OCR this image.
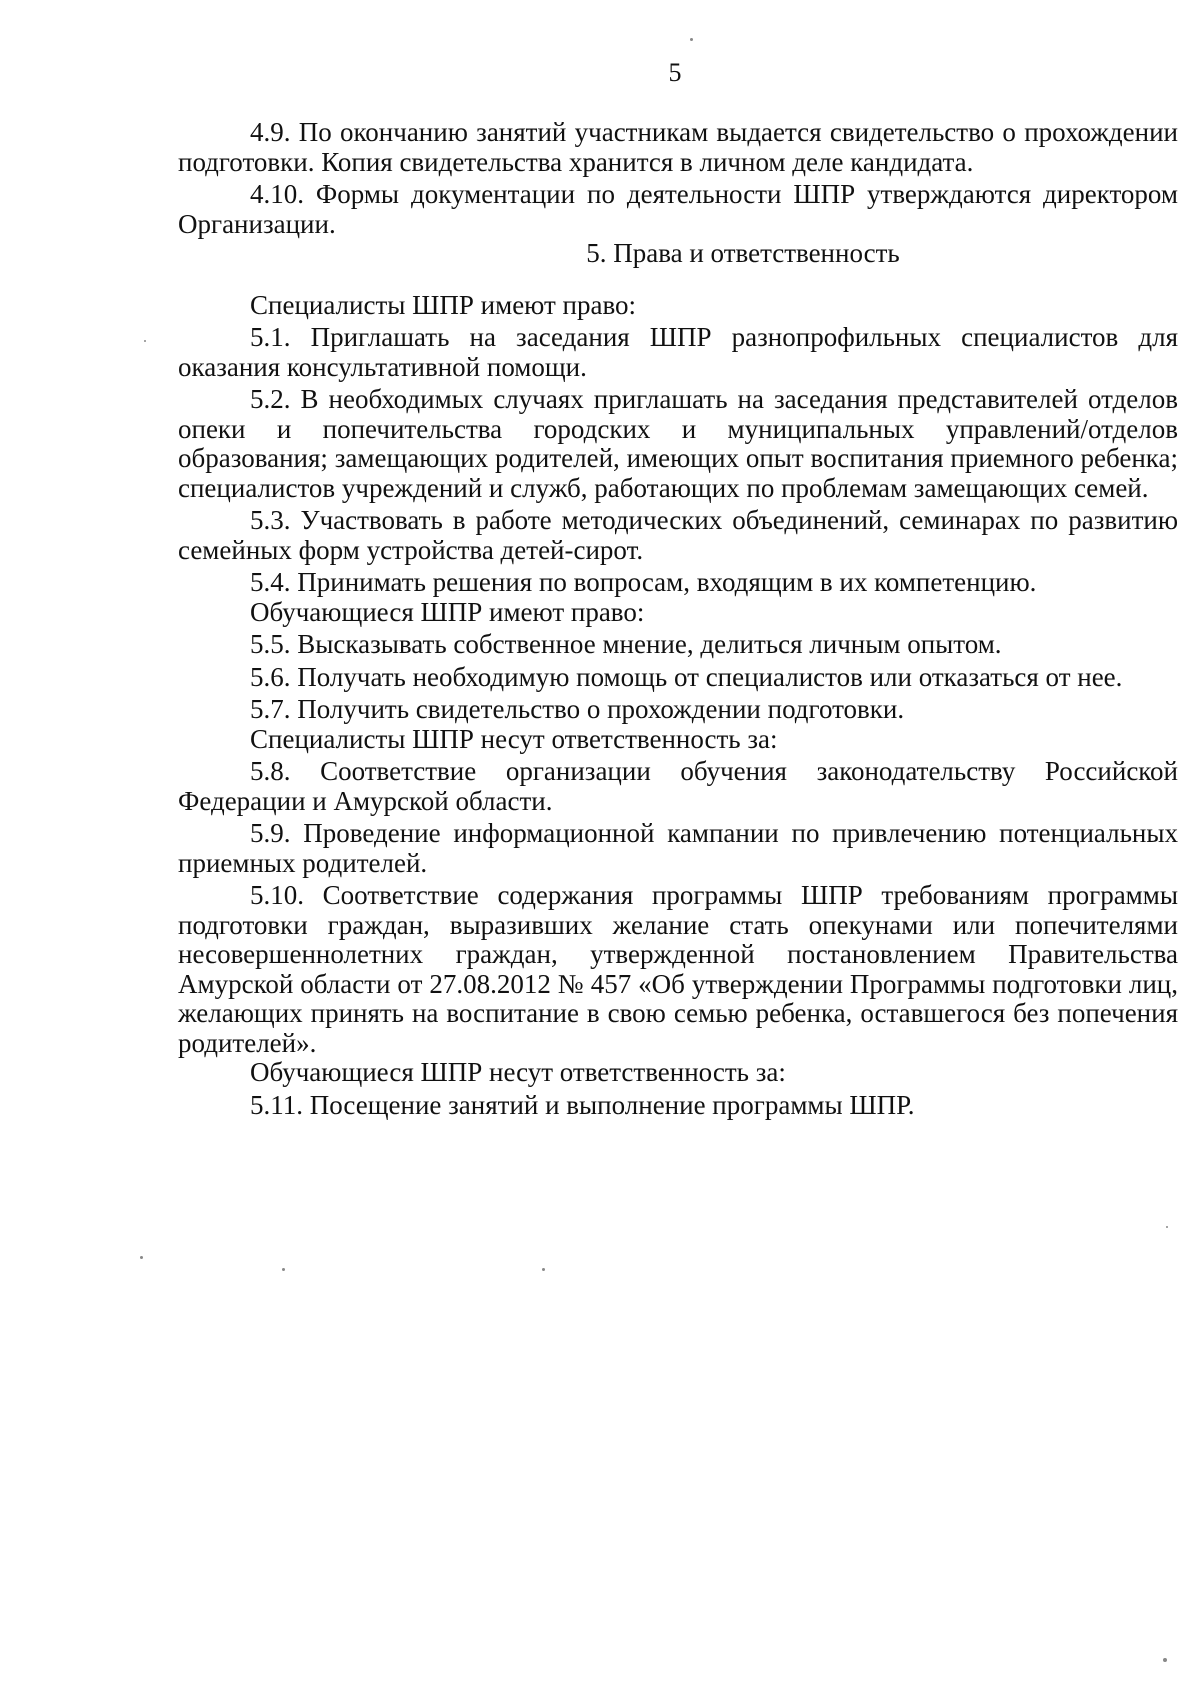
5

4.9. По окончанию занятий участникам выдается свидетельство о прохождении подготовки. Копия свидетельства хранится в личном деле кандидата.

4.10. Формы документации по деятельности ШПР утверждаются директором Организации.

5. Права и ответственность

Специалисты ШПР имеют право:

5.1. Приглашать на заседания ШПР разнопрофильных специалистов для оказания консультативной помощи.

5.2. В необходимых случаях приглашать на заседания представителей отделов опеки и попечительства городских и муниципальных управлений/отделов образования; замещающих родителей, имеющих опыт воспитания приемного ребенка; специалистов учреждений и служб, работающих по проблемам замещающих семей.

5.3. Участвовать в работе методических объединений, семинарах по развитию семейных форм устройства детей-сирот.

5.4. Принимать решения по вопросам, входящим в их компетенцию.

Обучающиеся ШПР имеют право:

5.5. Высказывать собственное мнение, делиться личным опытом.

5.6. Получать необходимую помощь от специалистов или отказаться от нее.

5.7. Получить свидетельство о прохождении подготовки.

Специалисты ШПР несут ответственность за:

5.8. Соответствие организации обучения законодательству Российской Федерации и Амурской области.

5.9. Проведение информационной кампании по привлечению потенциальных приемных родителей.

5.10. Соответствие содержания программы ШПР требованиям программы подготовки граждан, выразивших желание стать опекунами или попечителями несовершеннолетних граждан, утвержденной постановлением Правительства Амурской области от 27.08.2012 № 457 «Об утверждении Программы подготовки лиц, желающих принять на воспитание в свою семью ребенка, оставшегося без попечения родителей».

Обучающиеся ШПР несут ответственность за:

5.11. Посещение занятий и выполнение программы ШПР.
